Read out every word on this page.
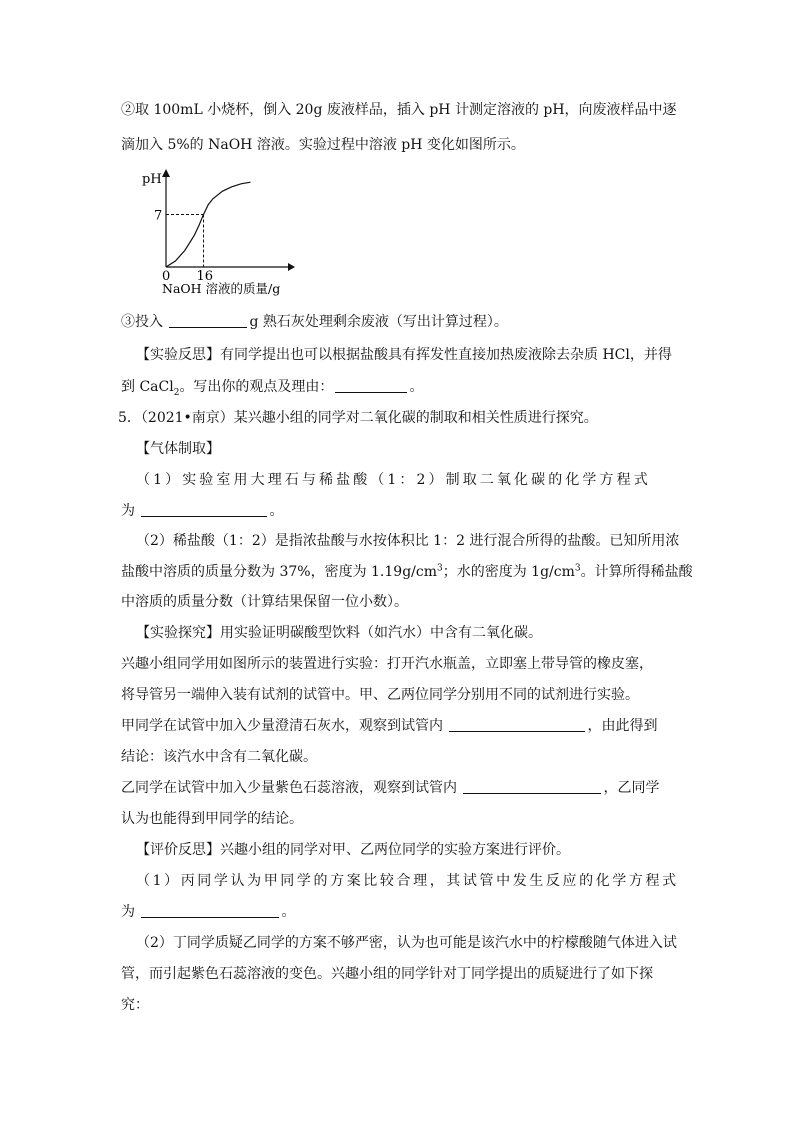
②取 100mL 小烧杯，倒入 20g 废液样品，插入 pH 计测定溶液的 pH，向废液样品中逐
滴加入 5%的 NaOH 溶液。实验过程中溶液 pH 变化如图所示。
pH
7
0 16
NaOH 溶液的质量/g
③投入	g 熟石灰处理剩余废液（写出计算过程）。
【实验反思】有同学提出也可以根据盐酸具有挥发性直接加热废液除去杂质 HCl，并得
到 CaCl$_2$。写出你的观点及理由：	。
5．（2021•南京）某兴趣小组的同学对二氧化碳的制取和相关性质进行探究。
【气体制取】
（1）实验室用大理石与稀盐酸（1：2）制取二氧化碳的化学方程式
为	。
（2）稀盐酸（1：2）是指浓盐酸与水按体积比 1：2 进行混合所得的盐酸。已知所用浓
盐酸中溶质的质量分数为 37%，密度为 $1.19g/cm^3$；水的密度为 $1g/cm^3$。计算所得稀盐酸
中溶质的质量分数（计算结果保留一位小数）。
【实验探究】用实验证明碳酸型饮料（如汽水）中含有二氧化碳。
兴趣小组同学用如图所示的装置进行实验：打开汽水瓶盖，立即塞上带导管的橡皮塞，
将导管另一端伸入装有试剂的试管中。甲、乙两位同学分别用不同的试剂进行实验。
甲同学在试管中加入少量澄清石灰水，观察到试管内	，由此得到
结论：该汽水中含有二氧化碳。
乙同学在试管中加入少量紫色石蕊溶液，观察到试管内	，乙同学
认为也能得到甲同学的结论。
【评价反思】兴趣小组的同学对甲、乙两位同学的实验方案进行评价。
（1）丙同学认为甲同学的方案比较合理，其试管中发生反应的化学方程式
为	。
（2）丁同学质疑乙同学的方案不够严密，认为也可能是该汽水中的柠檬酸随气体进入试
管，而引起紫色石蕊溶液的变色。兴趣小组的同学针对丁同学提出的质疑进行了如下探
究：
